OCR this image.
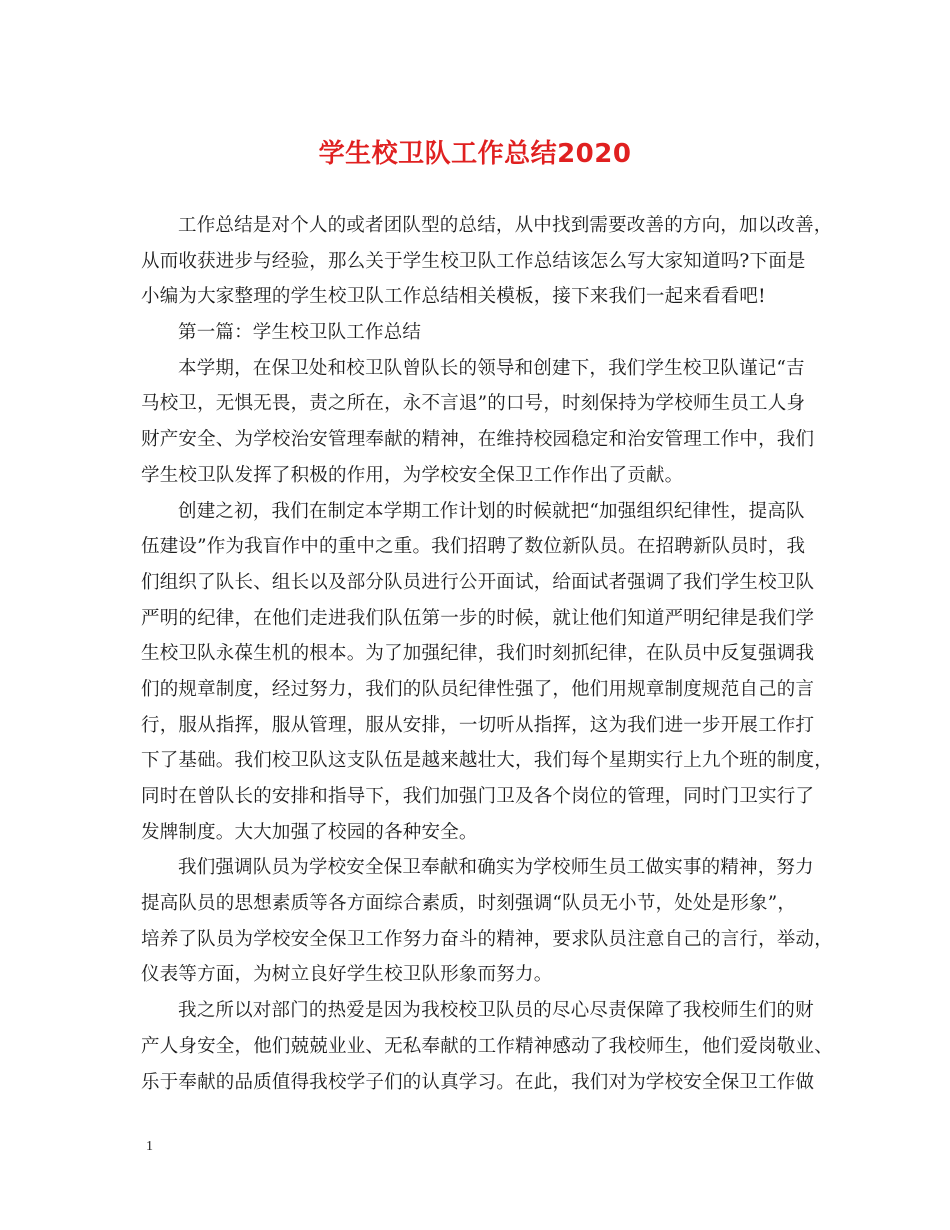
学生校卫队工作总结2020
工作总结是对个人的或者团队型的总结，从中找到需要改善的方向，加以改善，
从而收获进步与经验，那么关于学生校卫队工作总结该怎么写大家知道吗?下面是
小编为大家整理的学生校卫队工作总结相关模板，接下来我们一起来看看吧!
第一篇：学生校卫队工作总结
本学期，在保卫处和校卫队曾队长的领导和创建下，我们学生校卫队谨记“吉
马校卫，无惧无畏，责之所在，永不言退”的口号，时刻保持为学校师生员工人身
财产安全、为学校治安管理奉献的精神，在维持校园稳定和治安管理工作中，我们
学生校卫队发挥了积极的作用，为学校安全保卫工作作出了贡献。
创建之初，我们在制定本学期工作计划的时候就把“加强组织纪律性，提高队
伍建设”作为我盲作中的重中之重。我们招聘了数位新队员。在招聘新队员时，我
们组织了队长、组长以及部分队员进行公开面试，给面试者强调了我们学生校卫队
严明的纪律，在他们走进我们队伍第一步的时候，就让他们知道严明纪律是我们学
生校卫队永葆生机的根本。为了加强纪律，我们时刻抓纪律，在队员中反复强调我
们的规章制度，经过努力，我们的队员纪律性强了，他们用规章制度规范自己的言
行，服从指挥，服从管理，服从安排，一切听从指挥，这为我们进一步开展工作打
下了基础。我们校卫队这支队伍是越来越壮大，我们每个星期实行上九个班的制度，
同时在曾队长的安排和指导下，我们加强门卫及各个岗位的管理，同时门卫实行了
发牌制度。大大加强了校园的各种安全。
我们强调队员为学校安全保卫奉献和确实为学校师生员工做实事的精神，努力
提高队员的思想素质等各方面综合素质，时刻强调“队员无小节，处处是形象”，
培养了队员为学校安全保卫工作努力奋斗的精神，要求队员注意自己的言行，举动，
仪表等方面，为树立良好学生校卫队形象而努力。
我之所以对部门的热爱是因为我校校卫队员的尽心尽责保障了我校师生们的财
产人身安全，他们兢兢业业、无私奉献的工作精神感动了我校师生，他们爱岗敬业、
乐于奉献的品质值得我校学子们的认真学习。在此，我们对为学校安全保卫工作做
1
